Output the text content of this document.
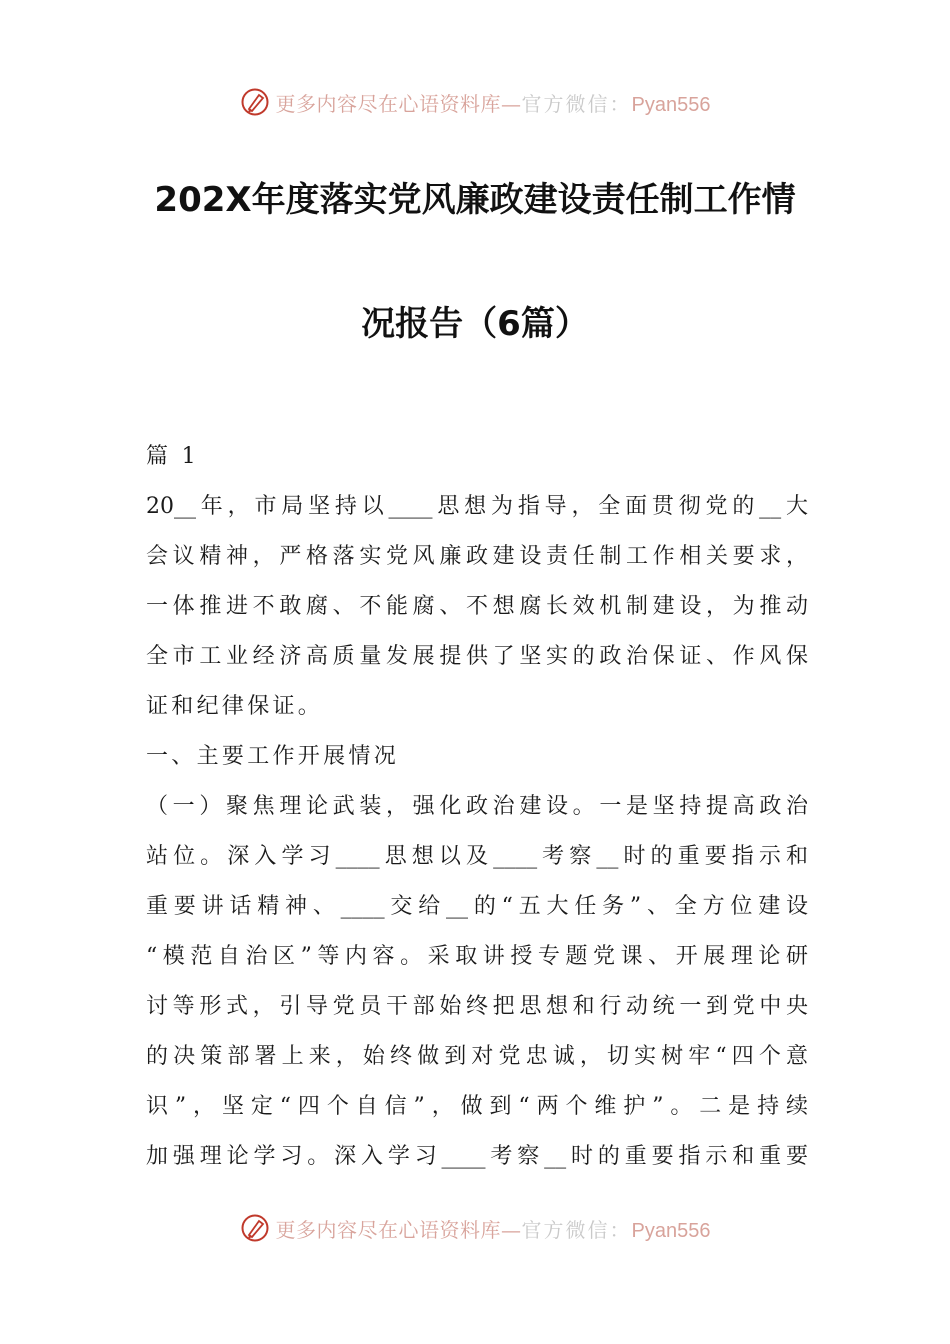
更多内容尽在心语资料库—官方微信：Pyan556
202X年度落实党风廉政建设责任制工作情
况报告（6篇）
篇 1
20__年，市局坚持以____思想为指导，全面贯彻党的__大
会议精神，严格落实党风廉政建设责任制工作相关要求，
一体推进不敢腐、不能腐、不想腐长效机制建设，为推动
全市工业经济高质量发展提供了坚实的政治保证、作风保
证和纪律保证。
一、主要工作开展情况
（一）聚焦理论武装，强化政治建设。一是坚持提高政治
站位。深入学习____思想以及____考察__时的重要指示和
重要讲话精神、____交给__的“五大任务”、全方位建设
“模范自治区”等内容。采取讲授专题党课、开展理论研
讨等形式，引导党员干部始终把思想和行动统一到党中央
的决策部署上来，始终做到对党忠诚，切实树牢“四个意
识”，坚定“四个自信”，做到“两个维护”。二是持续
加强理论学习。深入学习____考察__时的重要指示和重要
更多内容尽在心语资料库—官方微信：Pyan556
